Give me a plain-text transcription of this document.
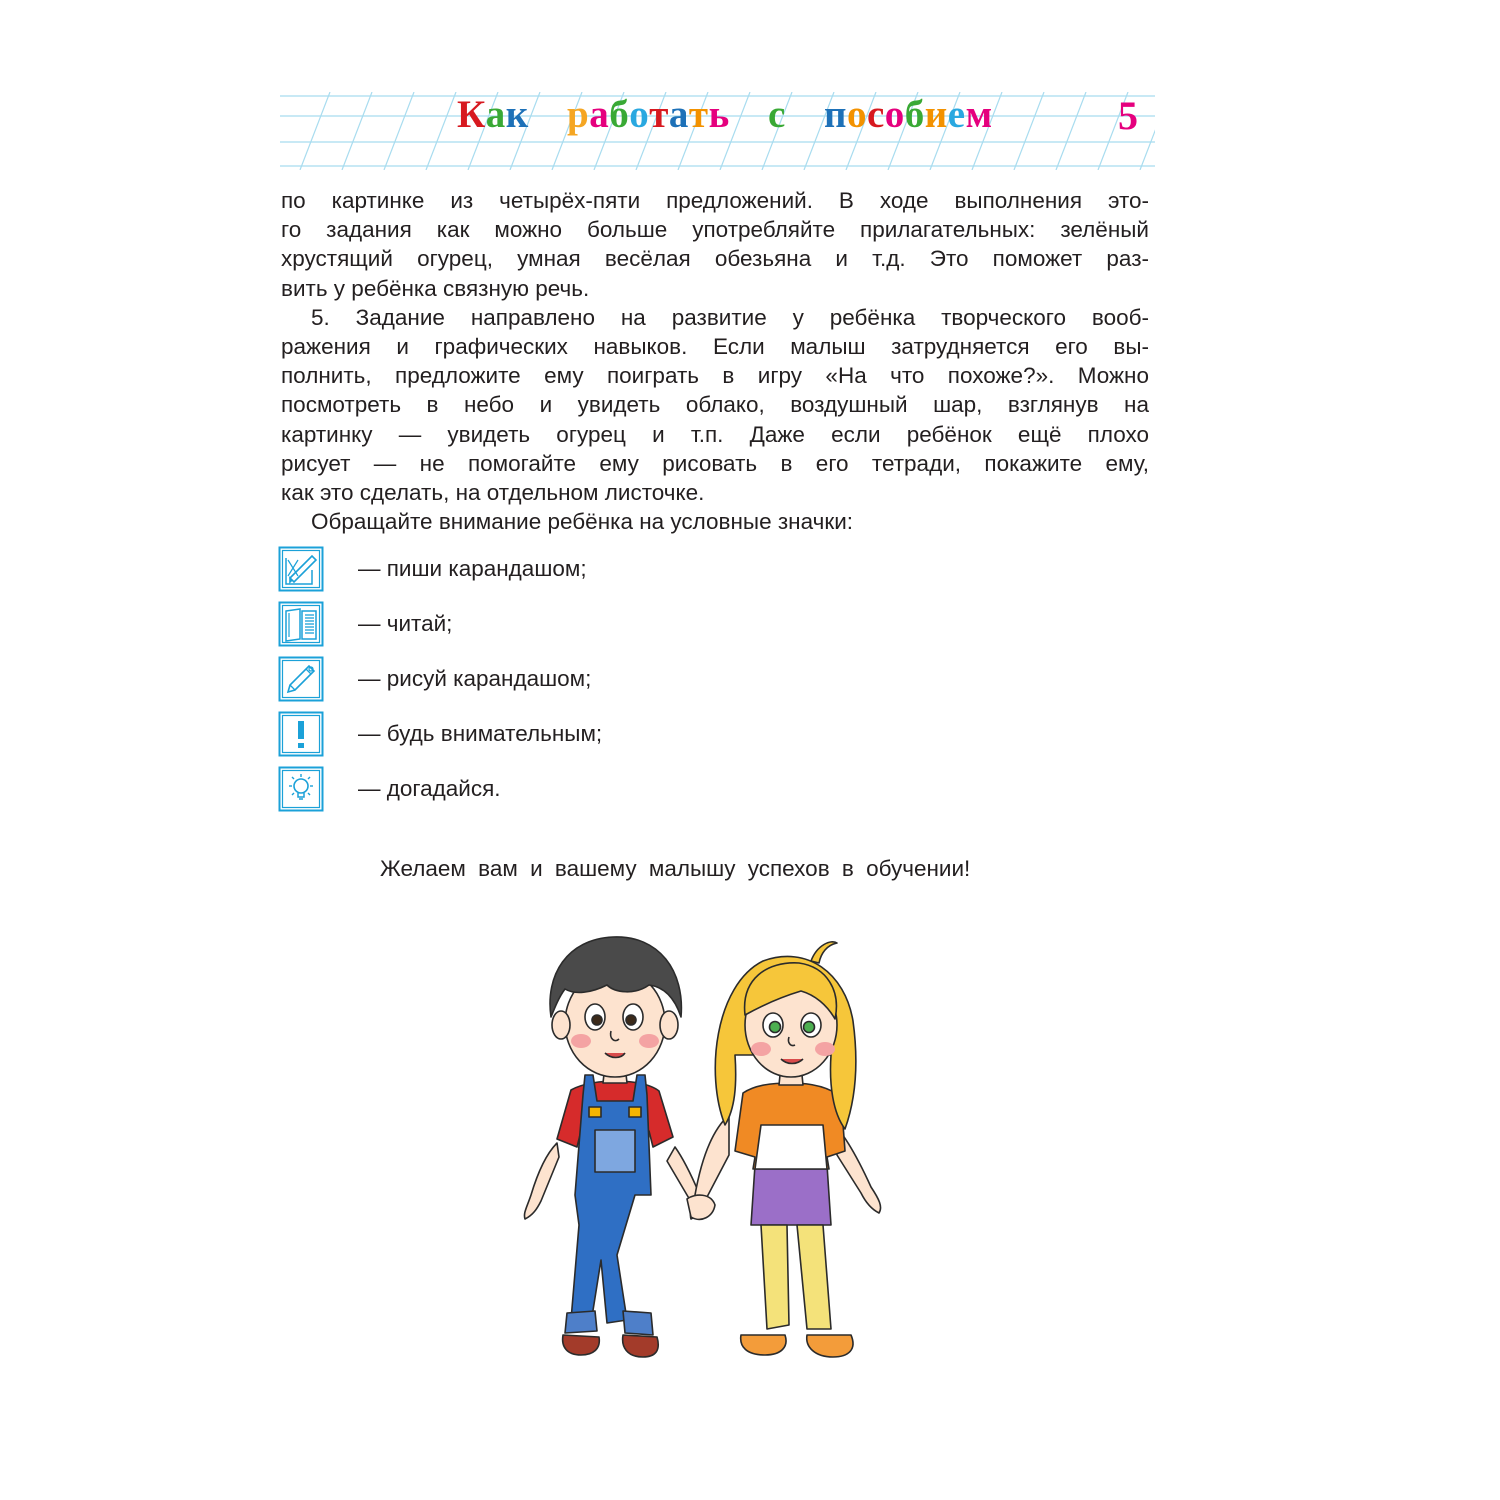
Как работать с пособием	5
по картинке из четырёх-пяти предложений. В ходе выполнения это-
го задания как можно больше употребляйте прилагательных: зелёный
хрустящий огурец, умная весёлая обезьяна и т.д. Это поможет раз-
вить у ребёнка связную речь.
5. Задание направлено на развитие у ребёнка творческого вооб-
ражения и графических навыков. Если малыш затрудняется его вы-
полнить, предложите ему поиграть в игру «На что похоже?». Можно
посмотреть в небо и увидеть облако, воздушный шар, взглянув на
картинку — увидеть огурец и т.п. Даже если ребёнок ещё плохо
рисует — не помогайте ему рисовать в его тетради, покажите ему,
как это сделать, на отдельном листочке.
Обращайте внимание ребёнка на условные значки:
— пиши карандашом;
— читай;
— рисуй карандашом;
— будь внимательным;
— догадайся.
Желаем вам и вашему малышу успехов в обучении!
